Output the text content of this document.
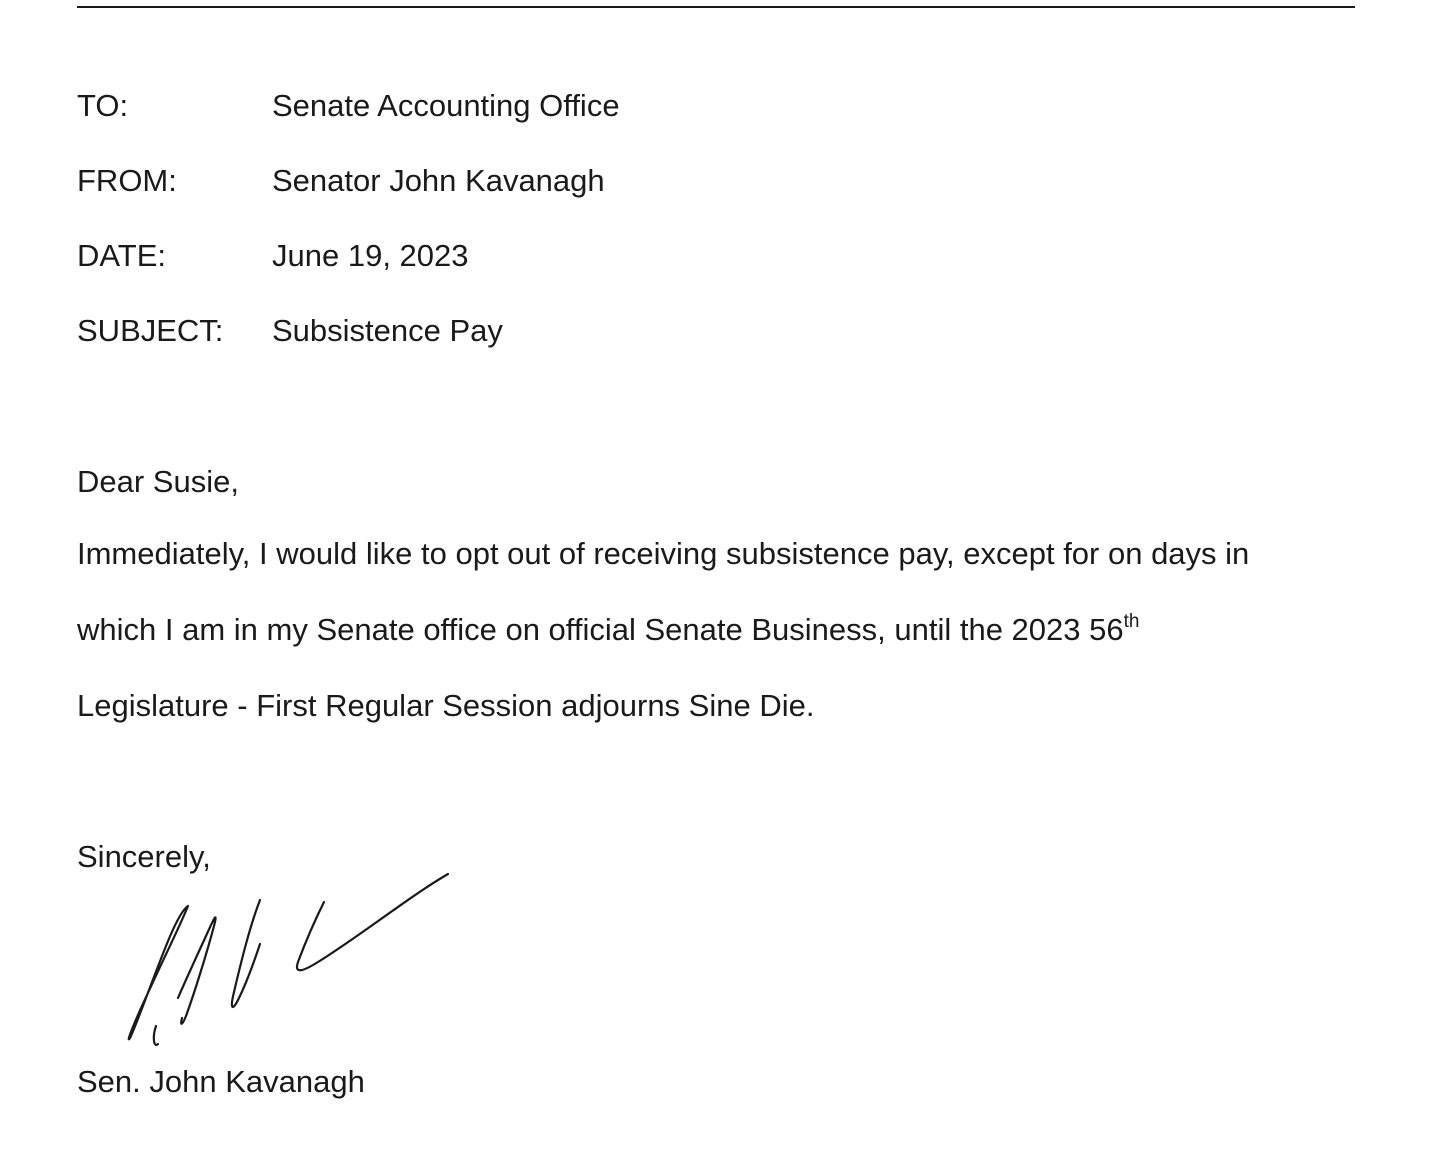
TO:	Senate Accounting Office
FROM:	Senator John Kavanagh
DATE:	June 19, 2023
SUBJECT: Subsistence Pay
Dear Susie,
Immediately, I would like to opt out of receiving subsistence pay, except for on days in
which I am in my Senate office on official Senate Business, until the 2023 56th
Legislature - First Regular Session adjourns Sine Die.
Sincerely,
Sen. John Kavanagh
